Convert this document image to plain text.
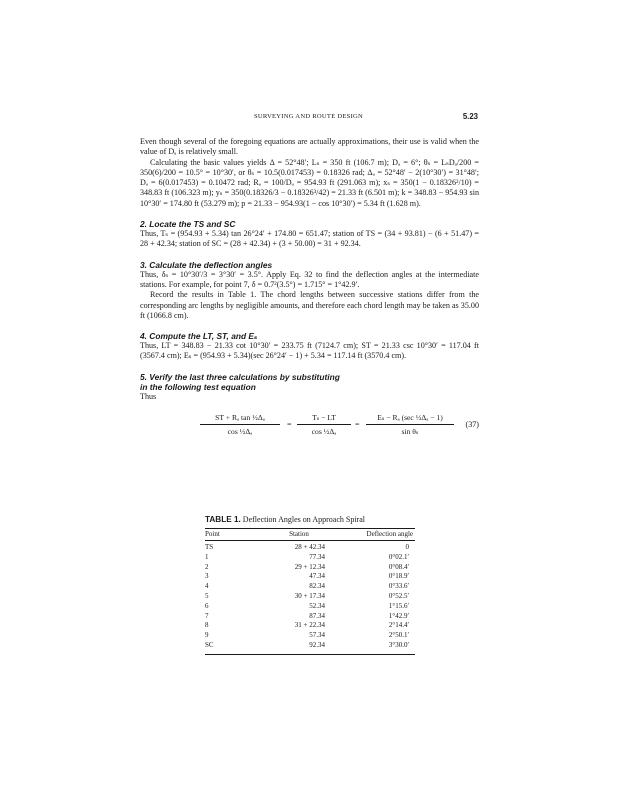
SURVEYING AND ROUTE DESIGN	5.23

Even though several of the foregoing equations are actually approximations, their use is valid when the value of Dₐ is relatively small.

Calculating the basic values yields Δ = 52°48′; Lₛ = 350 ft (106.7 m); Dₐ = 6°; θₛ = LₛDₐ/200 = 350(6)/200 = 10.5° = 10°30′, or θₛ = 10.5(0.017453) = 0.18326 rad; Δₐ = 52°48′ − 2(10°30′) = 31°48′; Dₐ = 6(0.017453) = 0.10472 rad; Rₐ = 100/Dₐ = 954.93 ft (291.063 m); xₛ = 350(1 − 0.18326²/10) = 348.83 ft (106.323 m); yₛ = 350(0.18326/3 − 0.18326³/42) = 21.33 ft (6.501 m); k = 348.83 − 954.93 sin 10°30′ = 174.80 ft (53.279 m); p = 21.33 − 954.93(1 − cos 10°30′) = 5.34 ft (1.628 m).

2. Locate the TS and SC

Thus, Tₛ = (954.93 + 5.34) tan 26°24′ + 174.80 = 651.47; station of TS = (34 + 93.81) − (6 + 51.47) = 28 + 42.34; station of SC = (28 + 42.34) + (3 + 50.00) = 31 + 92.34.

3. Calculate the deflection angles

Thus, δₛ = 10°30′/3 = 3°30′ = 3.5°. Apply Eq. 32 to find the deflection angles at the intermediate stations. For example, for point 7, δ = 0.7²(3.5°) = 1.715° = 1°42.9′.

Record the results in Table 1. The chord lengths between successive stations differ from the corresponding arc lengths by negligible amounts, and therefore each chord length may be taken as 35.00 ft (1066.8 cm).

4. Compute the LT, ST, and Eₛ

Thus, LT = 348.83 − 21.33 cot 10°30′ = 233.75 ft (7124.7 cm); ST = 21.33 csc 10°30′ = 117.04 ft (3567.4 cm); Eₛ = (954.93 + 5.34)(sec 26°24′ − 1) + 5.34 = 117.14 ft (3570.4 cm).

5. Verify the last three calculations by substituting
in the following test equation

Thus

$\frac{\text{ST + Rₐ tan ½Δₐ}}{\text{cos ½Δₐ}} = \frac{\text{Tₛ − LT}}{\text{cos ½Δₐ}}$ =
Eₛ − Rₐ (sec ½Δₐ − 1)
sin θₛ
(37)
TABLE 1. Deflection Angles on Approach Spiral
Point	Station	Deflection angle
TS	28 + 42.34	0
1	77.34	0°02.1′
2	29 + 12.34	0°08.4′
3	47.34	0°18.9′
4	82.34	0°33.6′
5	30 + 17.34	0°52.5′
6	52.34	1°15.6′
7	87.34	1°42.9′
8	31 + 22.34	2°14.4′
9	57.34	2°50.1′
SC	92.34	3°30.0′
